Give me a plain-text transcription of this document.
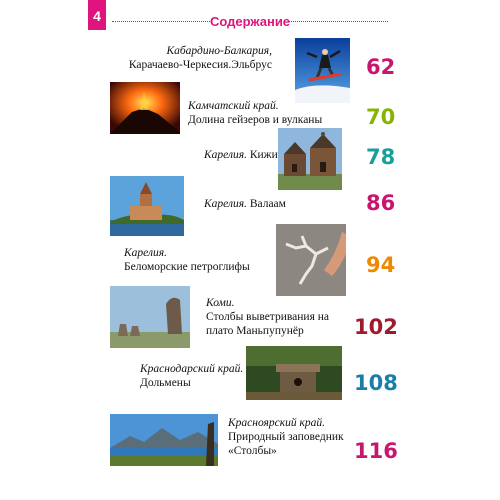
4	Содержание
Кабардино-Балкария,
Карачаево-Черкесия.Эльбрус	62
Камчатский край.
Долина гейзеров и вулканы	70
Карелия. Кижи	78
Карелия. Валаам	86
Карелия.
Беломорские петроглифы	94
Коми.
Столбы выветривания на плато Маньпупунёр	102
Краснодарский край.
Дольмены	108
Красноярский край.
Природный заповедник «Столбы»	116
